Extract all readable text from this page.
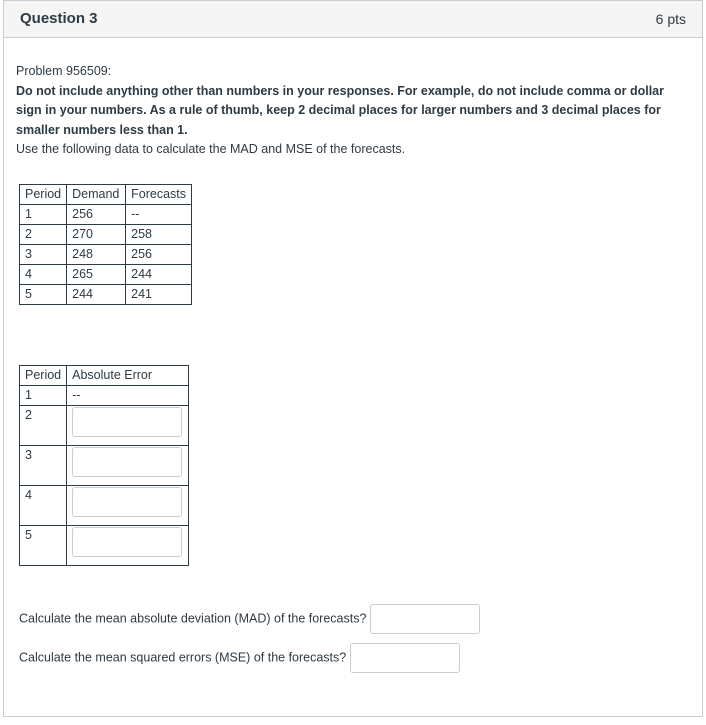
Question 3	6 pts

Problem 956509:

Do not include anything other than numbers in your responses. For example, do not include comma or dollar sign in your numbers. As a rule of thumb, keep 2 decimal places for larger numbers and 3 decimal places for smaller numbers less than 1.

Use the following data to calculate the MAD and MSE of the forecasts.

Period	Demand	Forecasts
1	256	--
2	270	258
3	248	256
4	265	244
5	244	241
Period	Absolute Error
1	--
2	

3	

4	

5	
Calculate the mean absolute deviation (MAD) of the forecasts?
Calculate the mean squared errors (MSE) of the forecasts?
